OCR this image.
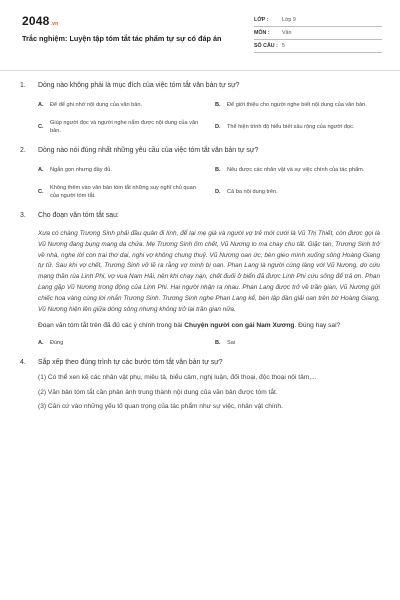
2048.vn
Trắc nghiệm: Luyện tập tóm tắt tác phẩm tự sự có đáp án
LỚP :	Lớp 9
MÔN :	Văn
SỐ CÂU : 5
1.	Dòng nào không phải là mục đích của việc tóm tắt văn bản tự sự?
A.	Để để ghi nhớ nội dung của văn bản.	B.	Để giới thiệu cho người nghe biết nội dung của văn bản.
C.
Giúp người đọc và người nghe nắm được nội dung của văn bản.
D.	Thể hiện trình độ hiểu biết sâu rộng của người đọc.
2.	Dòng nào nói đúng nhất những yêu cầu của việc tóm tắt văn bản tự sự?
A.	Ngắn gọn nhưng đầy đủ.	B.	Nêu được các nhân vật và sự việc chính của tác phẩm.
C.
Không thêm vào văn bản tóm tắt những suy nghĩ chủ quan của người tóm tắt.
D.	Cả ba nội dung trên.
3.	Cho đoạn văn tóm tắt sau:
Xưa có chàng Trương Sinh phải đầu quân đi lính, để lại mẹ già và người vợ trẻ mới cưới là Vũ Thị Thiết, còn được gọi là Vũ Nương đang bụng mang dạ chửa. Mẹ Trương Sinh ốm chết, Vũ Nương lo ma chay chu tất. Giặc tan, Trương Sinh trở về nhà, nghe lời con trai thơ dại, nghi vợ không chung thuỷ. Vũ Nương oan ức, bèn gieo mình xuống sông Hoàng Giang tự tử. Sau khi vợ chết, Trương Sinh vỡ lẽ ra rằng vợ mình bị oan. Phan Lang là người cùng làng với Vũ Nương, do cứu mạng thần rùa Linh Phi, vợ vua Nam Hải, nên khi chạy nạn, chết đuối ở biển đã được Linh Phi cứu sống để trả ơn. Phan Lang gặp Vũ Nương trong động của Linh Phi. Hai người nhận ra nhau. Phan Lang được trở về trần gian, Vũ Nương gửi chiếc hoa vàng cùng lời nhắn Trương Sinh. Trương Sinh nghe Phan Lang kể, bèn lập đàn giải oan trên bờ Hoàng Giang, Vũ Nương hiện lên giữa dòng sông nhưng không trở lại trần gian nữa.
Đoạn văn tóm tắt trên đã đủ các ý chính trong bài Chuyện người con gái Nam Xương. Đúng hay sai?
A.	Đúng	B.	Sai
4.	Sắp xếp theo đúng trình tự các bước tóm tắt văn bản tự sự?
(1) Có thể xen kẽ các nhân vật phụ, miêu tả, biểu cảm, nghị luận, đối thoại, độc thoại nội tâm,...
(2) Văn bản tóm tắt cần phản ánh trung thành nội dung của văn bản được tóm tắt.
(3) Căn cứ vào những yếu tố quan trọng của tác phẩm như sự việc, nhân vật chính.
